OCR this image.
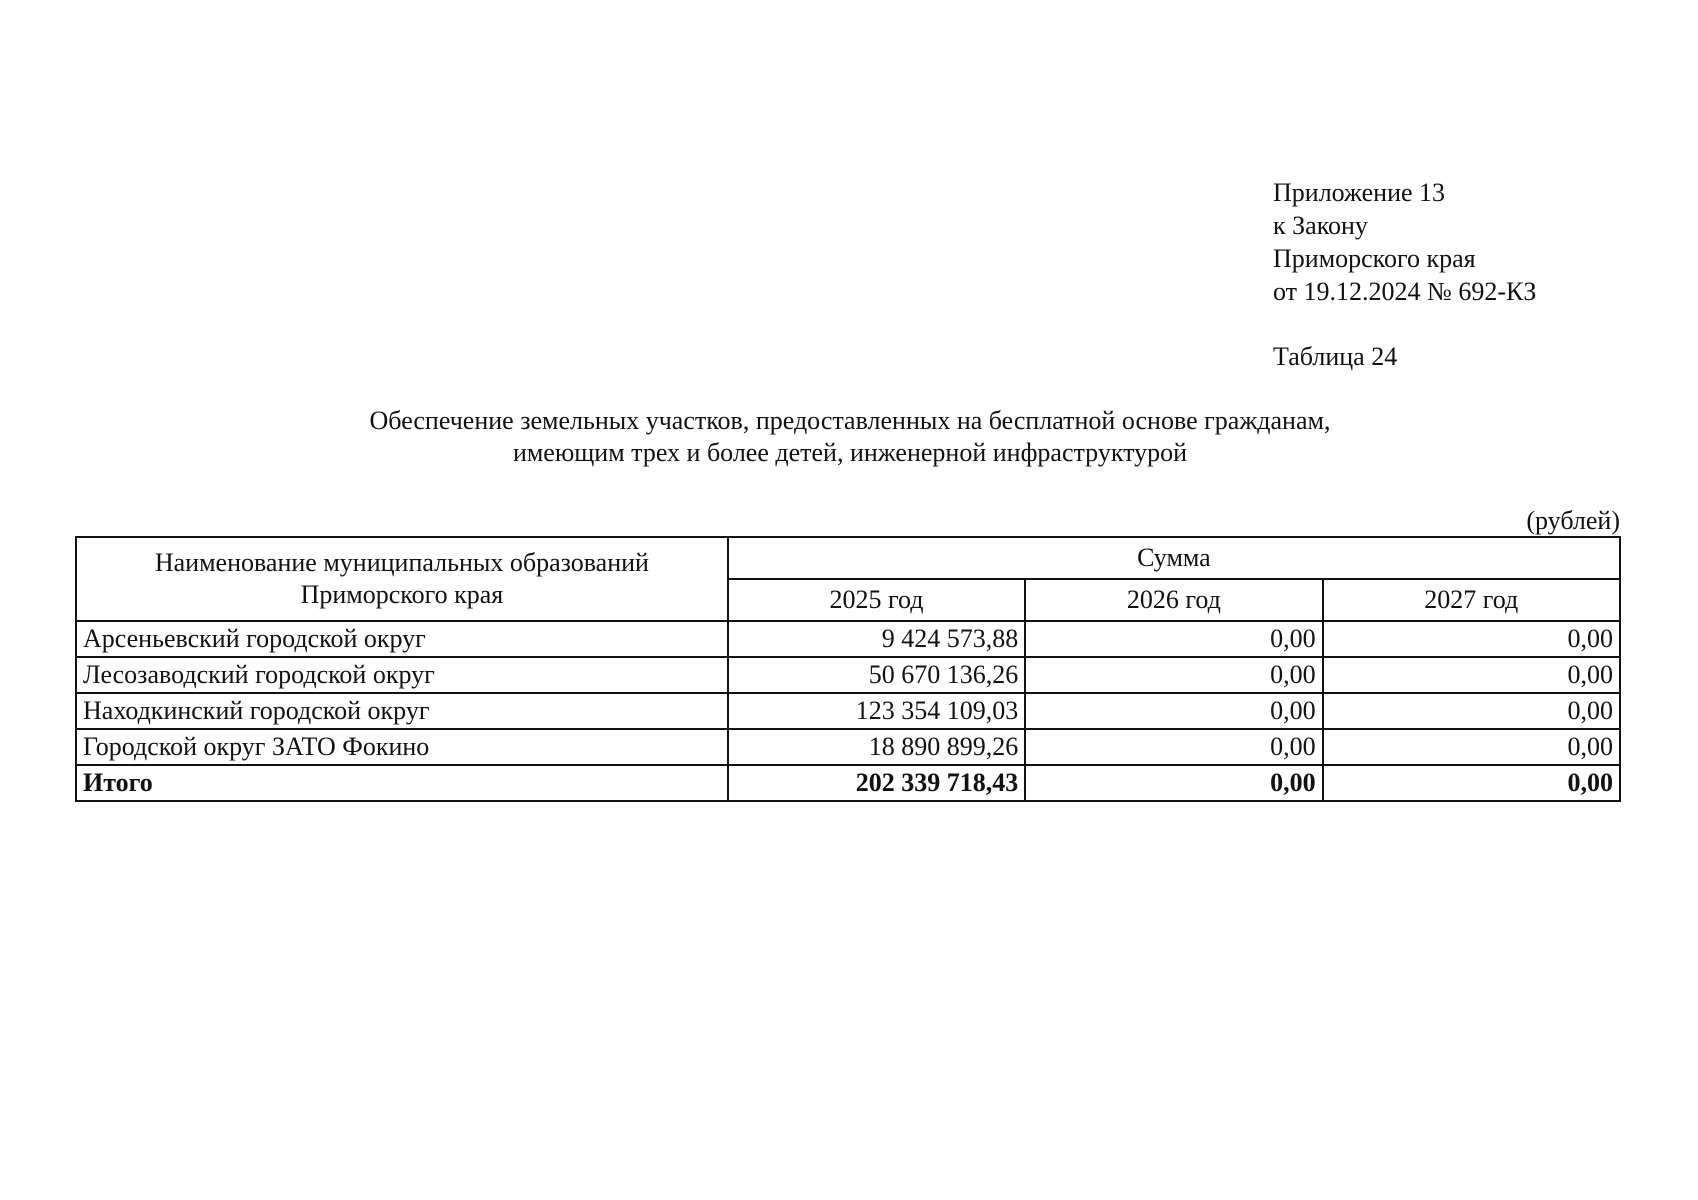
Приложение 13
к Закону
Приморского края
от 19.12.2024 № 692-КЗ
Таблица 24
Обеспечение земельных участков, предоставленных на бесплатной основе гражданам,
имеющим трех и более детей, инженерной инфраструктурой
(рублей)
Наименование муниципальных образований
Приморского края	Сумма		
	2025 год	2026 год	2027 год
Арсеньевский городской округ	9 424 573,88	0,00	0,00
Лесозаводский городской округ	50 670 136,26	0,00	0,00
Находкинский городской округ	123 354 109,03	0,00	0,00
Городской округ ЗАТО Фокино	18 890 899,26	0,00	0,00
Итого	202 339 718,43	0,00	0,00
